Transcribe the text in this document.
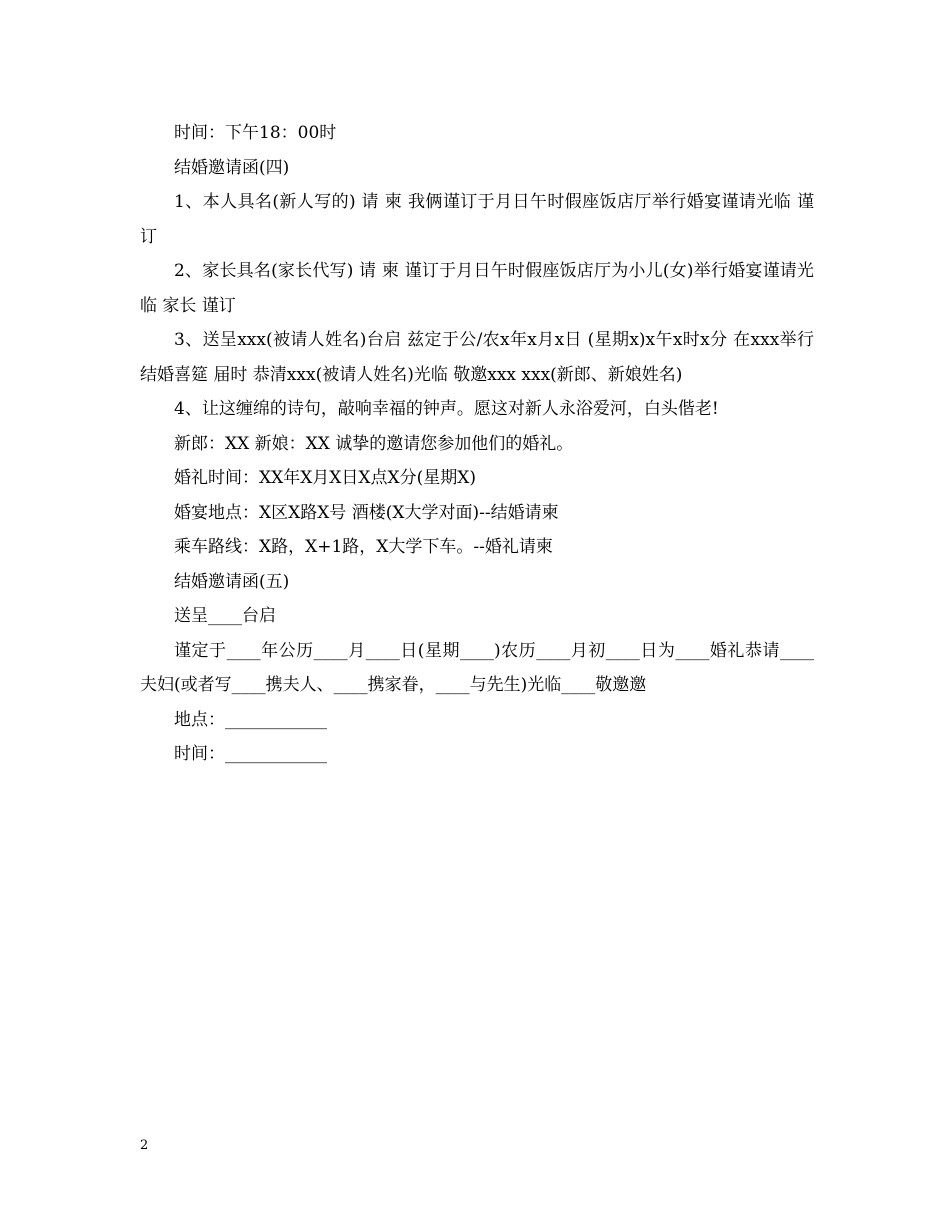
时间：下午18：00时

结婚邀请函(四)

1、本人具名(新人写的) 请 柬 我俩谨订于月日午时假座饭店厅举行婚宴谨请光临 谨订

2、家长具名(家长代写) 请 柬 谨订于月日午时假座饭店厅为小儿(女)举行婚宴谨请光临 家长 谨订

3、送呈xxx(被请人姓名)台启 兹定于公/农x年x月x日 (星期x)x午x时x分 在xxx举行结婚喜筵 届时 恭清xxx(被请人姓名)光临 敬邀xxx xxx(新郎、新娘姓名)

4、让这缠绵的诗句，敲响幸福的钟声。愿这对新人永浴爱河，白头偕老!

新郎：XX 新娘：XX 诚挚的邀请您参加他们的婚礼。

婚礼时间：XX年X月X日X点X分(星期X)

婚宴地点：X区X路X号 酒楼(X大学对面)--结婚请柬

乘车路线：X路，X+1路，X大学下车。--婚礼请柬

结婚邀请函(五)

送呈____台启

谨定于____年公历____月____日(星期____)农历____月初____日为____婚礼恭请____夫妇(或者写____携夫人、____携家眷，____与先生)光临____敬邀邀

地点：____________

时间：____________

2
